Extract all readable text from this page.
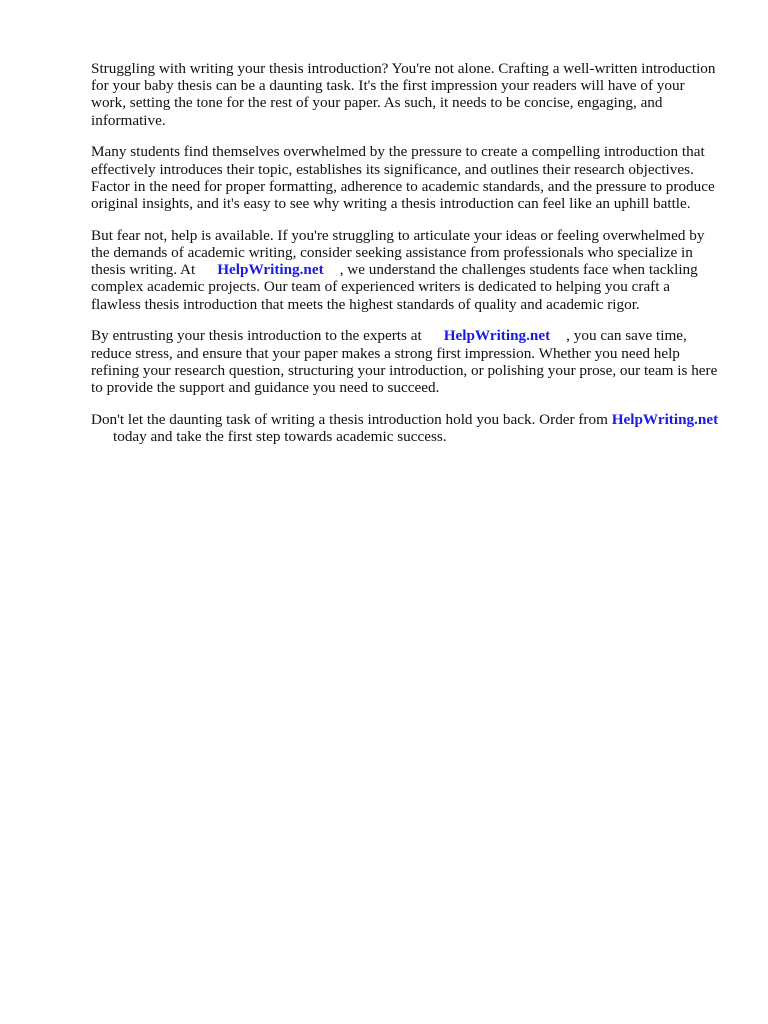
Struggling with writing your thesis introduction? You're not alone. Crafting a well-written introduction for your baby thesis can be a daunting task. It's the first impression your readers will have of your work, setting the tone for the rest of your paper. As such, it needs to be concise, engaging, and informative.

Many students find themselves overwhelmed by the pressure to create a compelling introduction that effectively introduces their topic, establishes its significance, and outlines their research objectives. Factor in the need for proper formatting, adherence to academic standards, and the pressure to produce original insights, and it's easy to see why writing a thesis introduction can feel like an uphill battle.

But fear not, help is available. If you're struggling to articulate your ideas or feeling overwhelmed by the demands of academic writing, consider seeking assistance from professionals who specialize in thesis writing. At HelpWriting.net , we understand the challenges students face when tackling complex academic projects. Our team of experienced writers is dedicated to helping you craft a flawless thesis introduction that meets the highest standards of quality and academic rigor.

By entrusting your thesis introduction to the experts at HelpWriting.net , you can save time, reduce stress, and ensure that your paper makes a strong first impression. Whether you need help refining your research question, structuring your introduction, or polishing your prose, our team is here to provide the support and guidance you need to succeed.

Don't let the daunting task of writing a thesis introduction hold you back. Order from HelpWriting.nettoday and take the first step towards academic success.
